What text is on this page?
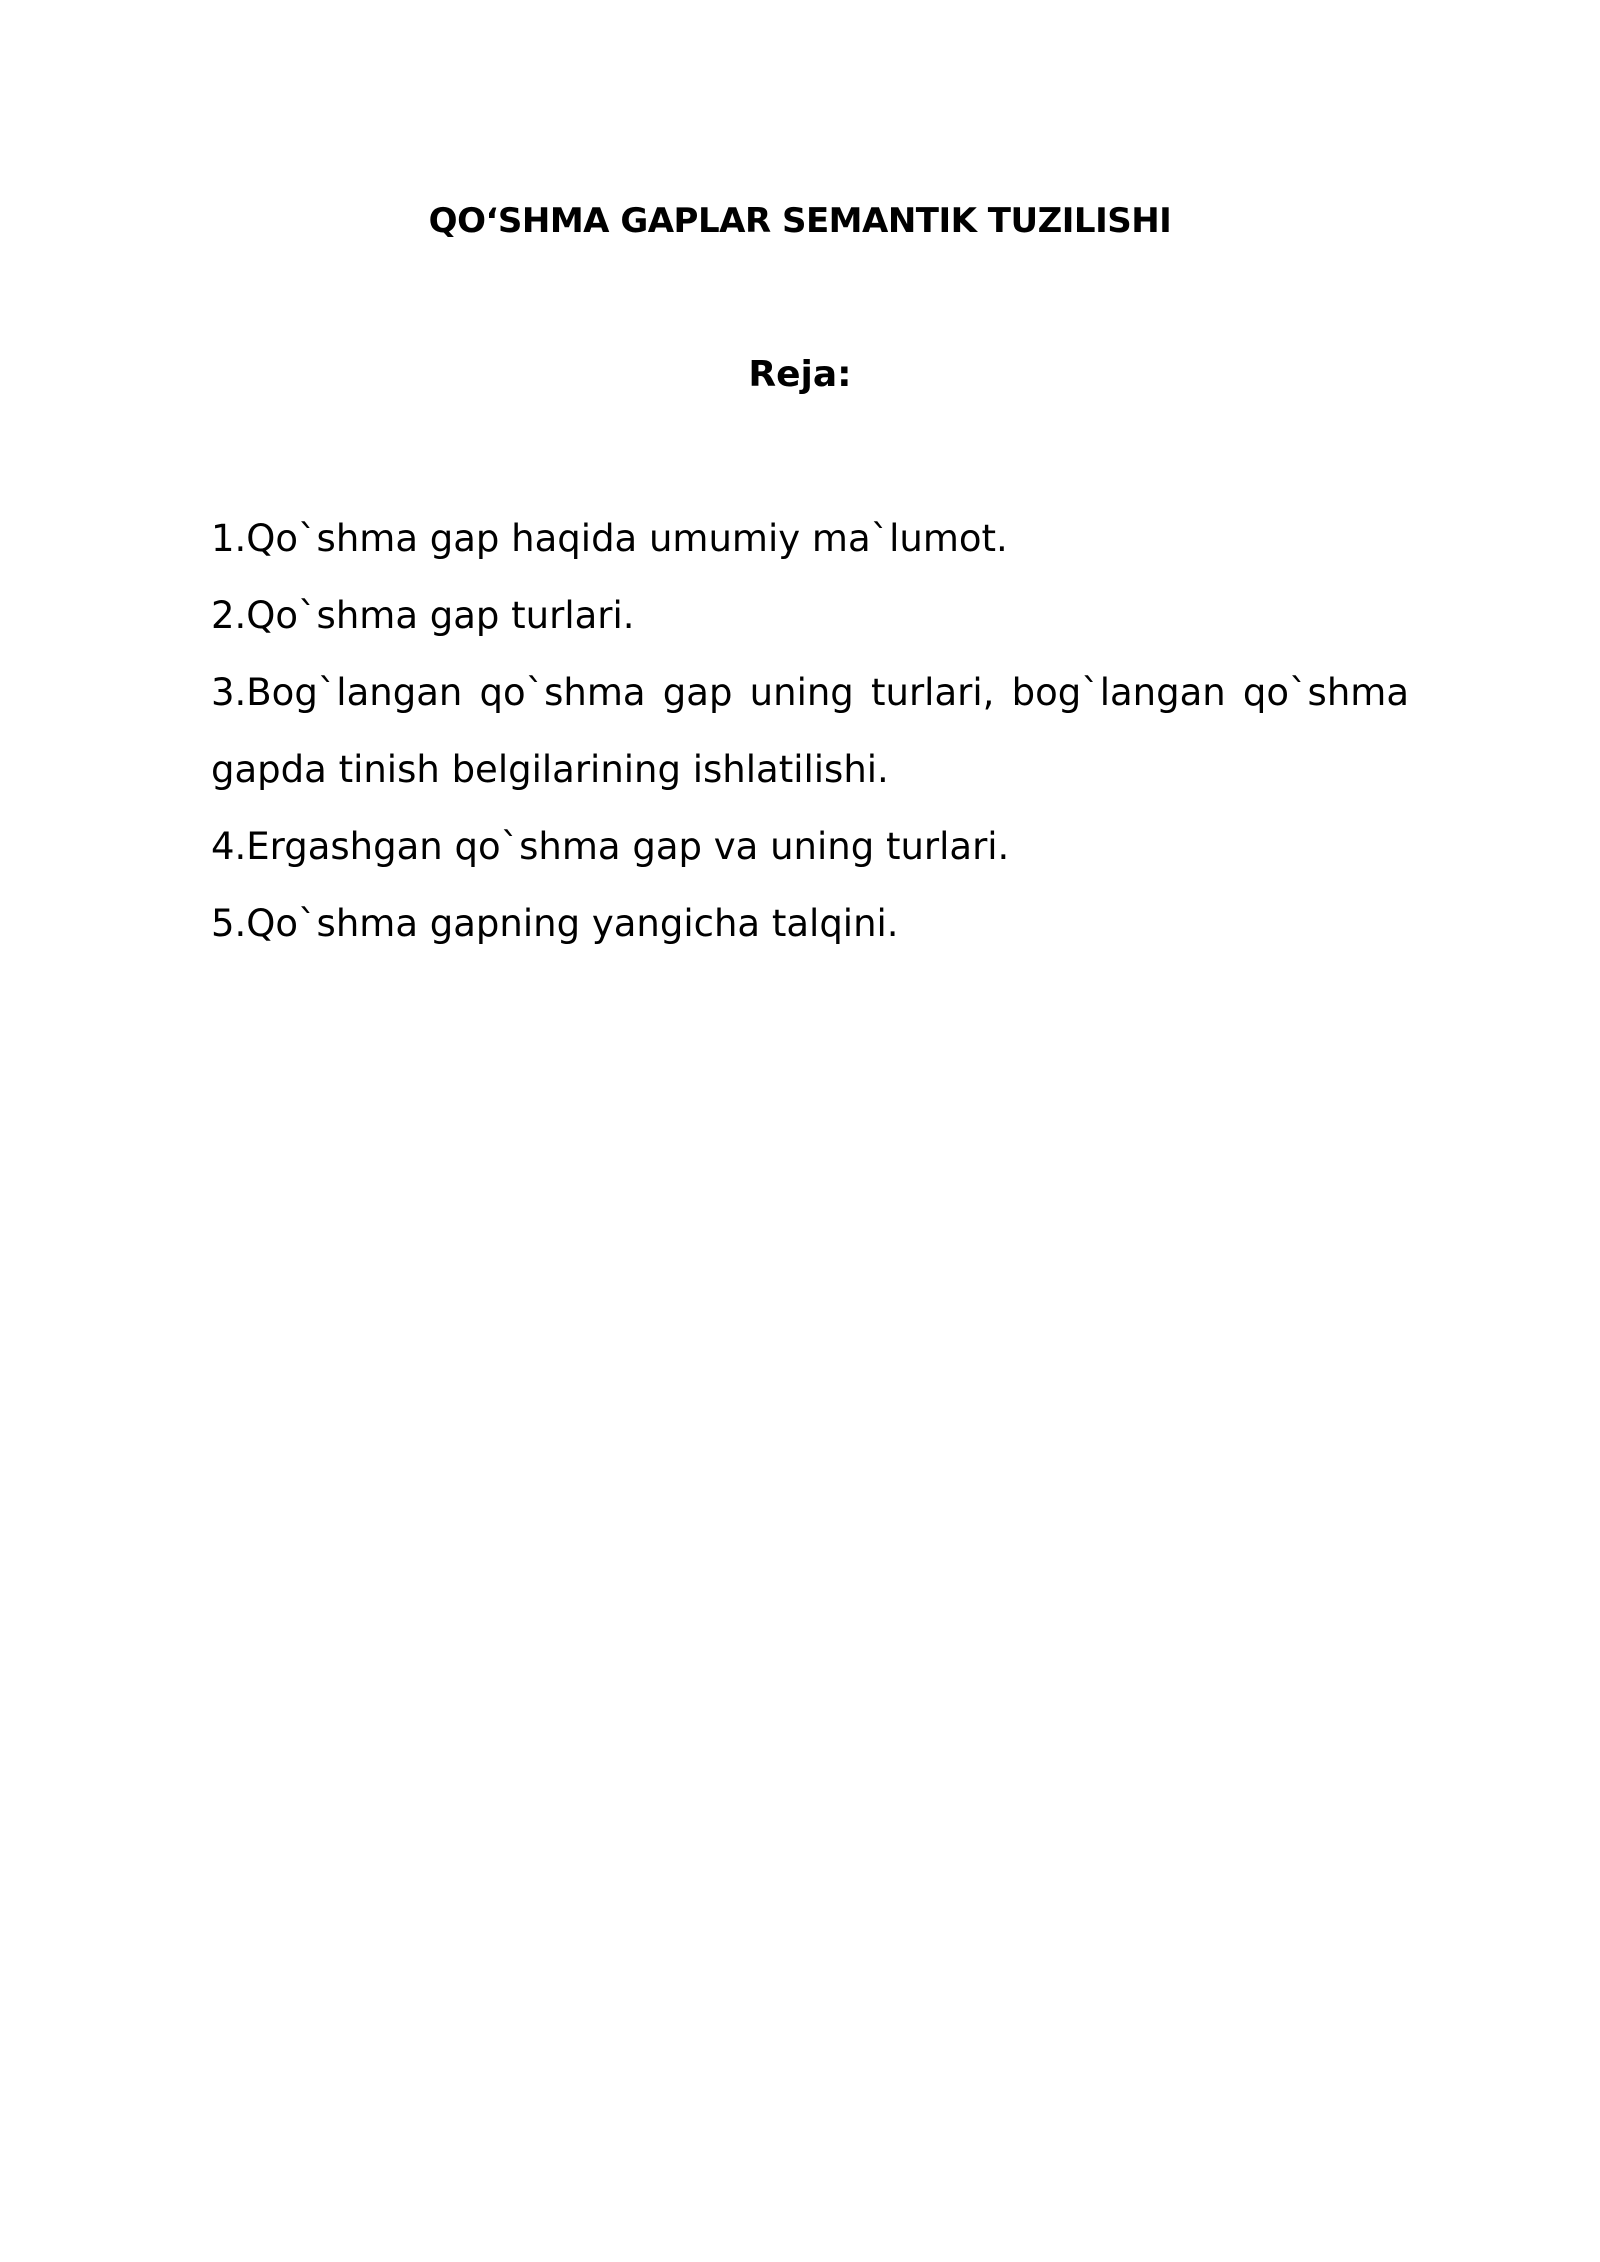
QO‘SHMA GAPLAR SEMANTIK TUZILISHI
Reja:
1.Qo`shma gap haqida umumiy ma`lumot.
2.Qo`shma gap turlari.
3.Bog`langan qo`shma gap uning turlari, bog`langan qo`shma gapda tinish belgilarining ishlatilishi.
4.Ergashgan qo`shma gap va uning turlari.
5.Qo`shma gapning yangicha talqini.
